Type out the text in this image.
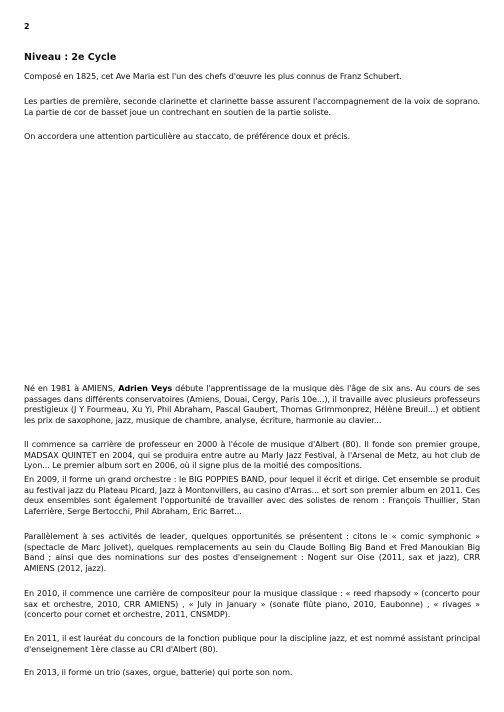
2
Niveau : 2e Cycle

Composé en 1825, cet Ave Maria est l'un des chefs d'œuvre les plus connus de Franz Schubert.

Les parties de première, seconde clarinette et clarinette basse assurent l'accompagnement de la voix de soprano. La partie de cor de basset joue un contrechant en soutien de la partie soliste.

On accordera une attention particulière au staccato, de préférence doux et précis.

Né en 1981 à AMIENS, Adrien Veys débute l'apprentissage de la musique dès l'âge de six ans. Au cours de ses passages dans différents conservatoires (Amiens, Douai, Cergy, Paris 10e...), il travaille avec plusieurs professeurs prestigieux (J Y Fourmeau, Xu Yi, Phil Abraham, Pascal Gaubert, Thomas Grimmonprez, Hélène Breuil...) et obtient les prix de saxophone, jazz, musique de chambre, analyse, écriture, harmonie au clavier...

Il commence sa carrière de professeur en 2000 à l'école de musique d'Albert (80). Il fonde son premier groupe, MADSAX QUINTET en 2004, qui se produira entre autre au Marly Jazz Festival, à l'Arsenal de Metz, au hot club de Lyon... Le premier album sort en 2006, où il signe plus de la moitié des compositions.

En 2009, il forme un grand orchestre : le BIG POPPIES BAND, pour lequel il écrit et dirige. Cet ensemble se produit au festival jazz du Plateau Picard, Jazz à Montonvillers, au casino d'Arras... et sort son premier album en 2011. Ces deux ensembles sont également l'opportunité de travailler avec des solistes de renom : François Thuillier, Stan Laferrière, Serge Bertocchi, Phil Abraham, Eric Barret...

Parallèlement à ses activités de leader, quelques opportunités se présentent : citons le « comic symphonic » (spectacle de Marc Jolivet), quelques remplacements au sein du Claude Bolling Big Band et Fred Manoukian Big Band ; ainsi que des nominations sur des postes d'enseignement : Nogent sur Oise (2011, sax et jazz), CRR AMIENS (2012, jazz).

En 2010, il commence une carrière de compositeur pour la musique classique : « reed rhapsody » (concerto pour sax et orchestre, 2010, CRR AMIENS) , « July in January » (sonate flûte piano, 2010, Eaubonne) , « rivages » (concerto pour cornet et orchestre, 2011, CNSMDP).

En 2011, il est lauréat du concours de la fonction publique pour la discipline jazz, et est nommé assistant principal d'enseignement 1ère classe au CRI d'Albert (80).

En 2013, il forme un trio (saxes, orgue, batterie) qui porte son nom.
